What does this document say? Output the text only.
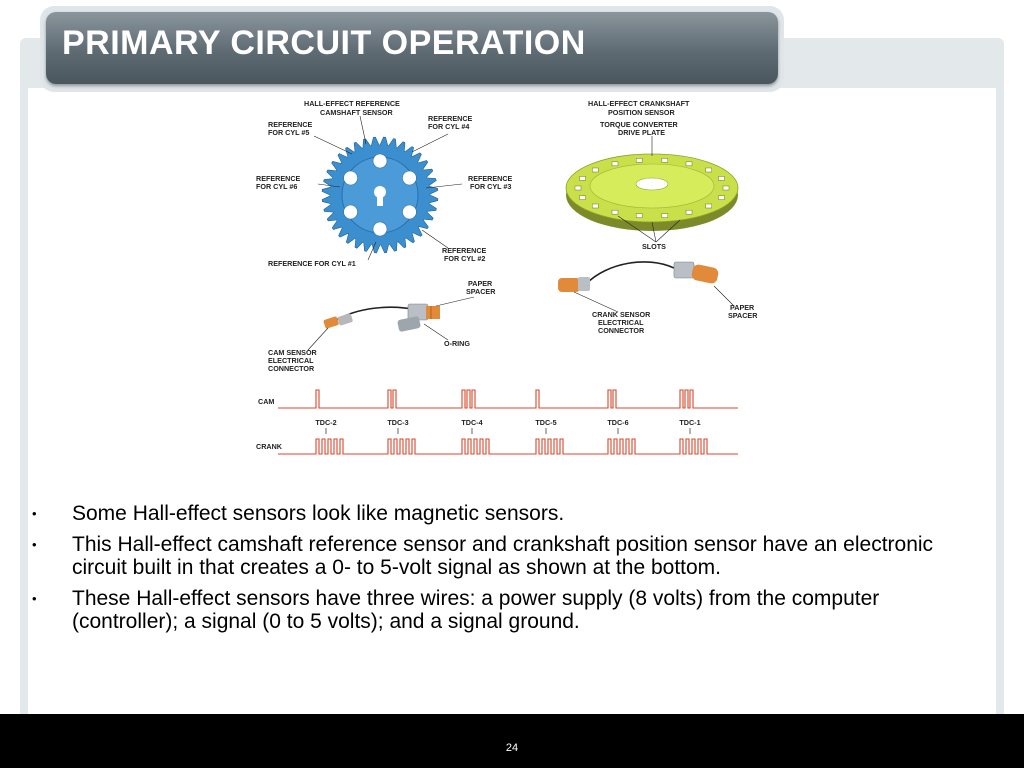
PRIMARY CIRCUIT OPERATION
HALL-EFFECT REFERENCE
CAMSHAFT SENSOR
REFERENCE
FOR CYL #5
REFERENCE
FOR CYL #4
REFERENCE
FOR CYL #6
REFERENCE
FOR CYL #3
REFERENCE
FOR CYL #2
REFERENCE FOR CYL #1
HALL-EFFECT CRANKSHAFT
POSITION SENSOR
TORQUE CONVERTER
DRIVE PLATE
SLOTS
PAPER
SPACER
O-RING
CAM SENSOR
ELECTRICAL
CONNECTOR
CRANK SENSOR
ELECTRICAL
CONNECTOR
PAPER
SPACER
CAM
CRANK
TDC-2	TDC-3	TDC-4	TDC-5	TDC-6	TDC-1
• Some Hall-effect sensors look like magnetic sensors.
• This Hall-effect camshaft reference sensor and crankshaft position sensor have an electronic circuit built in that creates a 0- to 5-volt signal as shown at the bottom.
• These Hall-effect sensors have three wires: a power supply (8 volts) from the computer (controller); a signal (0 to 5 volts); and a signal ground.
24
